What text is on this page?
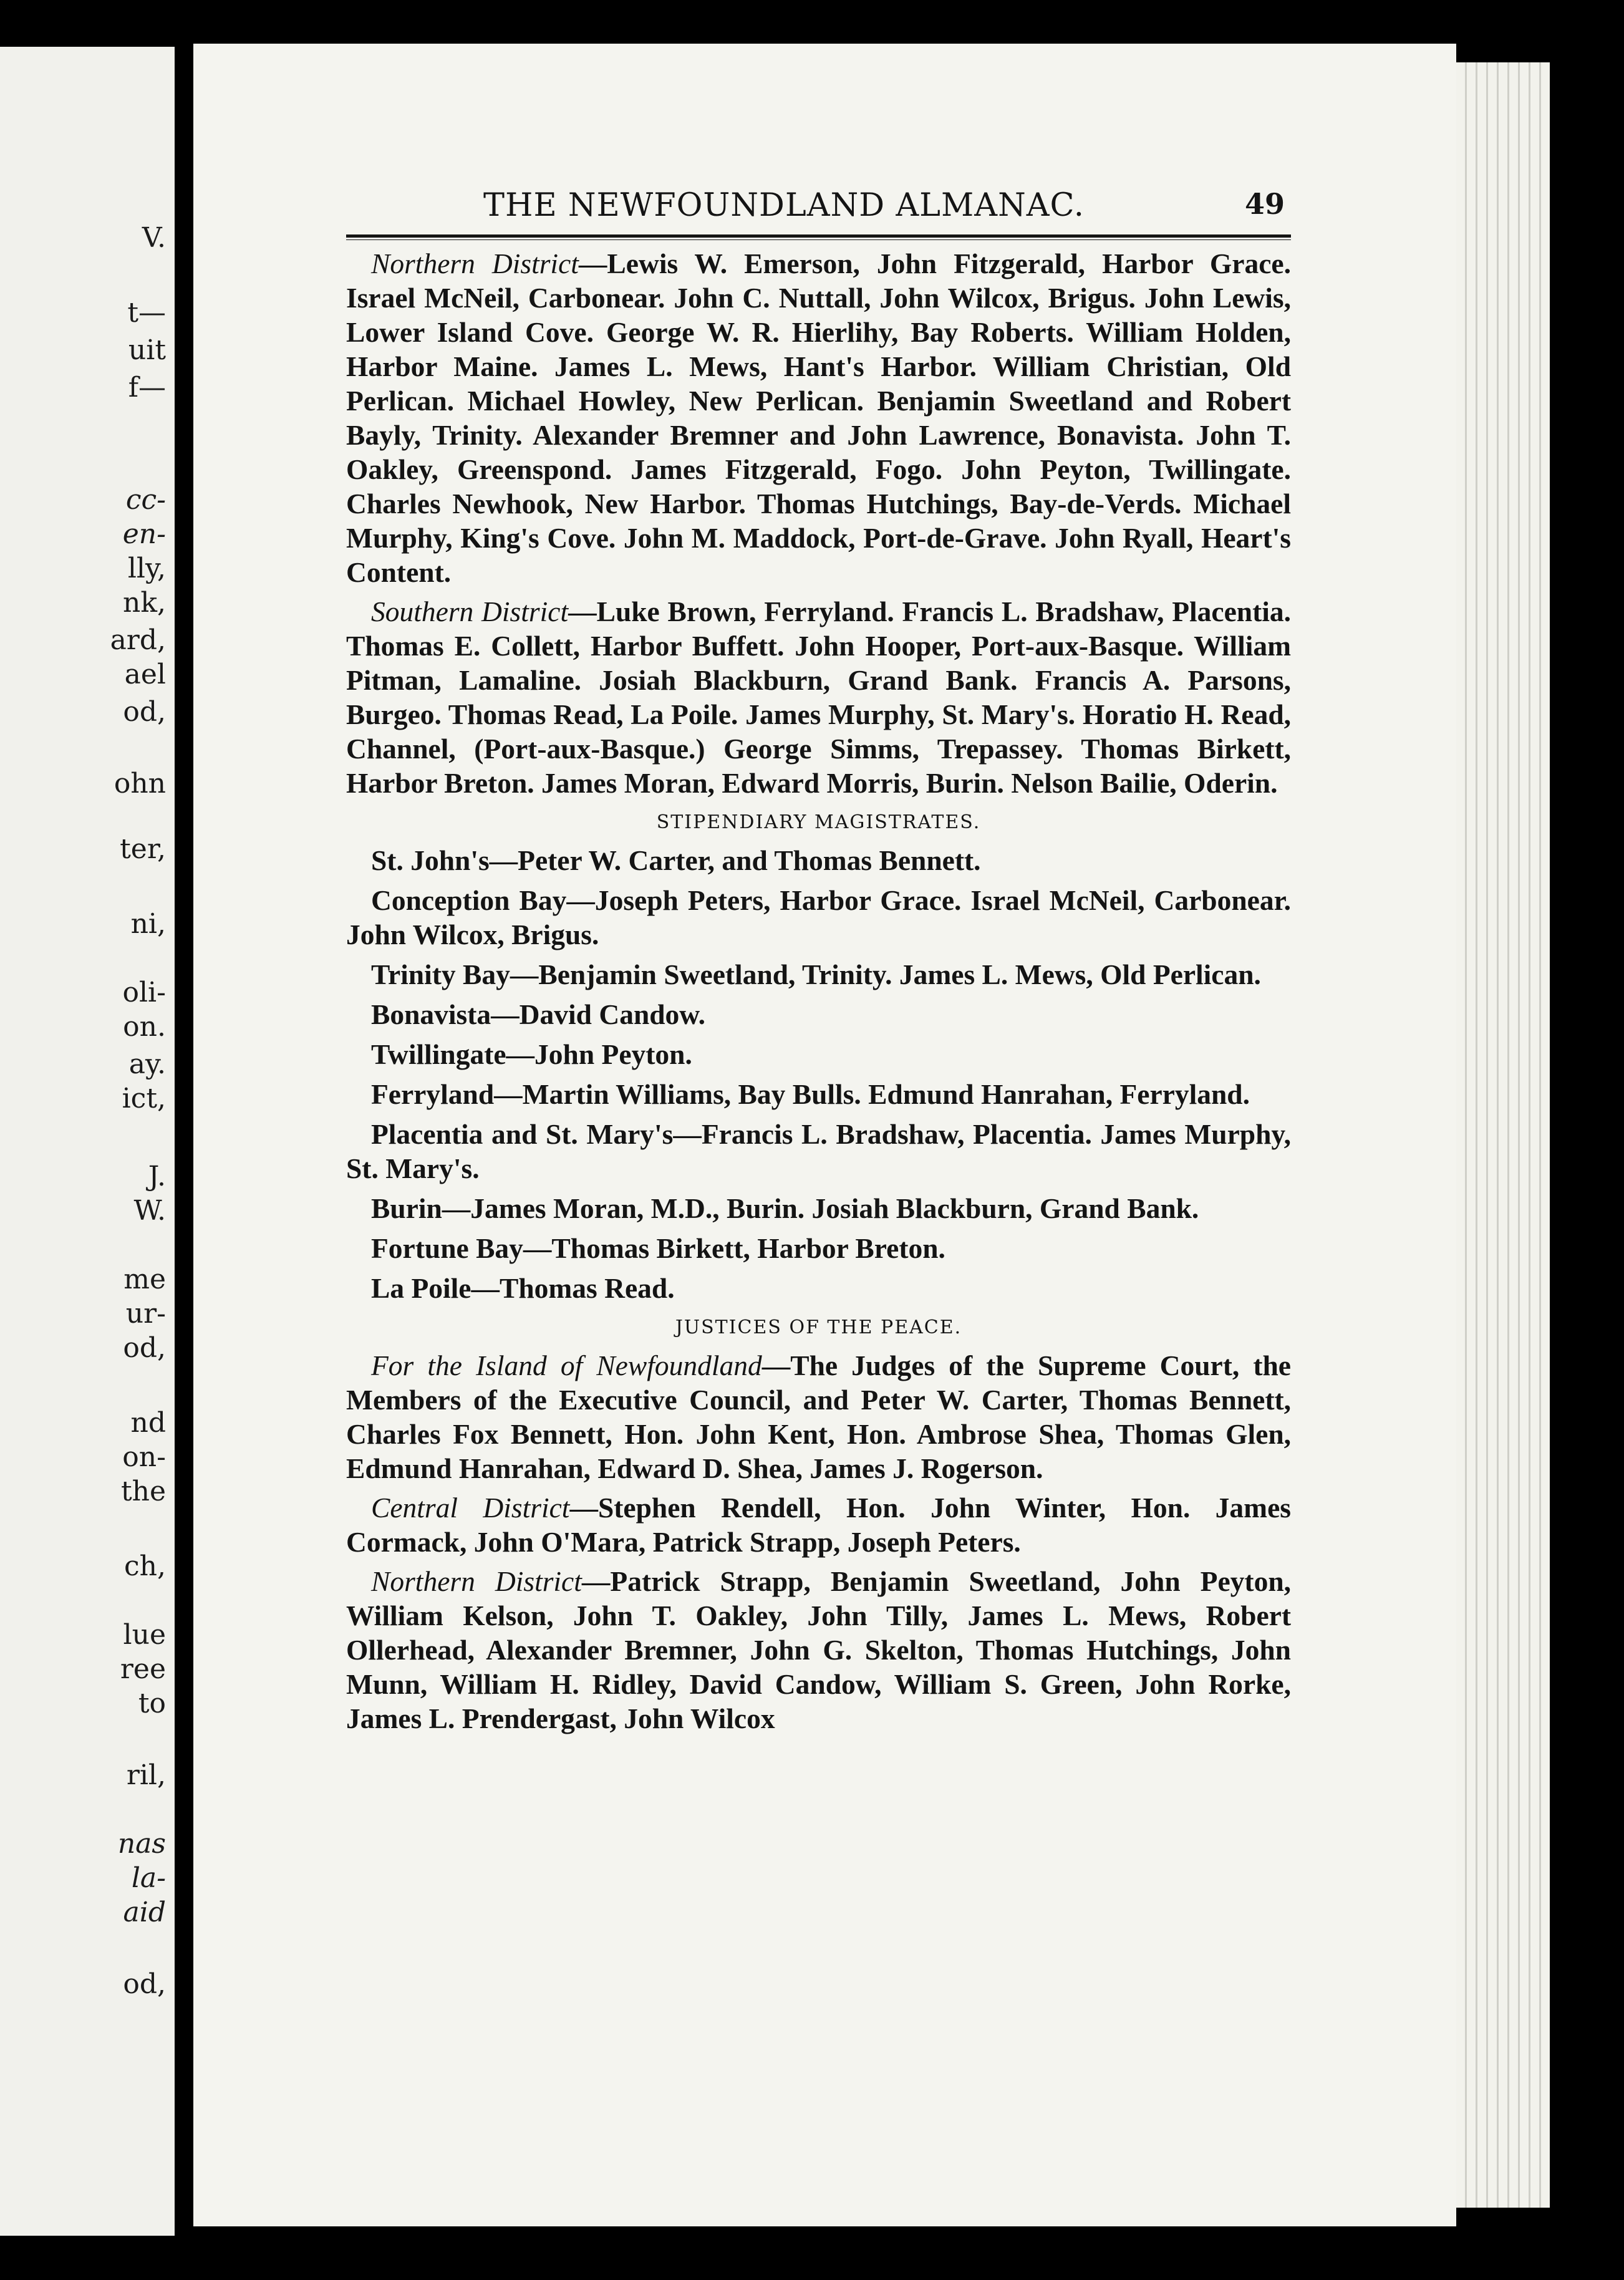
V.
t—
uit
f—
cc-
en-
lly,
nk,
ard,
ael
od,
ohn
ter,
ni,
oli-
on.
ay.
ict,
J.
W.
me
ur-
od,
nd
on-
the
ch,
lue
ree
to
ril,
nas
la-
aid
od,
THE NEWFOUNDLAND ALMANAC.	49

Northern District—Lewis W. Emerson, John Fitzgerald, Harbor Grace. Israel McNeil, Carbonear. John C. Nuttall, John Wilcox, Brigus. John Lewis, Lower Island Cove. George W. R. Hierlihy, Bay Roberts. William Holden, Harbor Maine. James L. Mews, Hant's Harbor. William Christian, Old Perlican. Michael Howley, New Perlican. Benjamin Sweetland and Robert Bayly, Trinity. Alexander Bremner and John Lawrence, Bonavista. John T. Oakley, Greenspond. James Fitzgerald, Fogo. John Peyton, Twillingate. Charles Newhook, New Harbor. Thomas Hutchings, Bay-de-Verds. Michael Murphy, King's Cove. John M. Maddock, Port-de-Grave. John Ryall, Heart's Content.

Southern District—Luke Brown, Ferryland. Francis L. Bradshaw, Placentia. Thomas E. Collett, Harbor Buffett. John Hooper, Port-aux-Basque. William Pitman, Lamaline. Josiah Blackburn, Grand Bank. Francis A. Parsons, Burgeo. Thomas Read, La Poile. James Murphy, St. Mary's. Horatio H. Read, Channel, (Port-aux-Basque.) George Simms, Trepassey. Thomas Birkett, Harbor Breton. James Moran, Edward Morris, Burin. Nelson Bailie, Oderin.

STIPENDIARY MAGISTRATES.

St. John's—Peter W. Carter, and Thomas Bennett.

Conception Bay—Joseph Peters, Harbor Grace. Israel McNeil, Carbonear. John Wilcox, Brigus.

Trinity Bay—Benjamin Sweetland, Trinity. James L. Mews, Old Perlican.

Bonavista—David Candow.

Twillingate—John Peyton.

Ferryland—Martin Williams, Bay Bulls. Edmund Hanrahan, Ferryland.

Placentia and St. Mary's—Francis L. Bradshaw, Placentia. James Murphy, St. Mary's.

Burin—James Moran, M.D., Burin. Josiah Blackburn, Grand Bank.

Fortune Bay—Thomas Birkett, Harbor Breton.

La Poile—Thomas Read.

JUSTICES OF THE PEACE.

For the Island of Newfoundland—The Judges of the Supreme Court, the Members of the Executive Council, and Peter W. Carter, Thomas Bennett, Charles Fox Bennett, Hon. John Kent, Hon. Ambrose Shea, Thomas Glen, Edmund Hanrahan, Edward D. Shea, James J. Rogerson.

Central District—Stephen Rendell, Hon. John Winter, Hon. James Cormack, John O'Mara, Patrick Strapp, Joseph Peters.

Northern District—Patrick Strapp, Benjamin Sweetland, John Peyton, William Kelson, John T. Oakley, John Tilly, James L. Mews, Robert Ollerhead, Alexander Bremner, John G. Skelton, Thomas Hutchings, John Munn, William H. Ridley, David Candow, William S. Green, John Rorke, James L. Prendergast, John Wilcox
